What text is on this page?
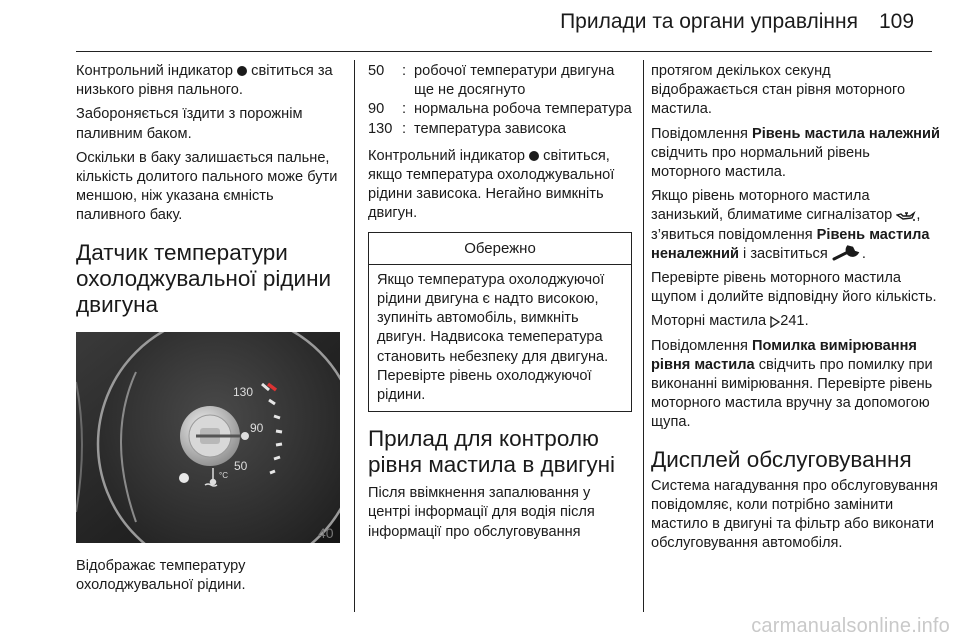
Прилади та органи управління 109

Контрольний індикатор  світиться за низького рівня пального.

Забороняється їздити з порожнім паливним баком.

Оскільки в баку залишається пальне, кількість долитого пального може бути меншою, ніж указана ємність паливного баку.

Датчик температури охолоджувальної рідини двигуна
130
90
50
°C
40

Відображає температуру охолоджувальної рідини.

50	: робочої температури двигуна ще не досягнуто
90	: нормальна робоча температура
130 : температура зависока

Контрольний індикатор  світиться, якщо температура охолоджувальної рідини зависока. Негайно вимкніть двигун.

Обережно
Якщо температура охолоджуючої рідини двигуна є надто високою, зупиніть автомобіль, вимкніть двигун. Надвисока темепература становить небезпеку для двигуна. Перевірте рівень охолоджуючої рідини.
Прилад для контролю рівня мастила в двигуні

Після ввімкнення запалювання у центрі інформації для водія після інформації про обслуговування

протягом декількох секунд відображається стан рівня моторного мастила.

Повідомлення Рівень мастила належний свідчить про нормальний рівень моторного мастила.

Якщо рівень моторного мастила занизький, блиматиме сигналізатор , з’явиться повідомлення Рівень мастила неналежний і засвітиться .

Перевірте рівень моторного мастила щупом і долийте відповідну його кількість.

Моторні мастила 241.

Повідомлення Помилка вимірювання рівня мастила свідчить про помилку при виконанні вимірювання. Перевірте рівень моторного мастила вручну за допомогою щупа.

Дисплей обслуговування

Система нагадування про обслуговування повідомляє, коли потрібно замінити мастило в двигуні та фільтр або виконати обслуговування автомобіля.

carmanualsonline.info
